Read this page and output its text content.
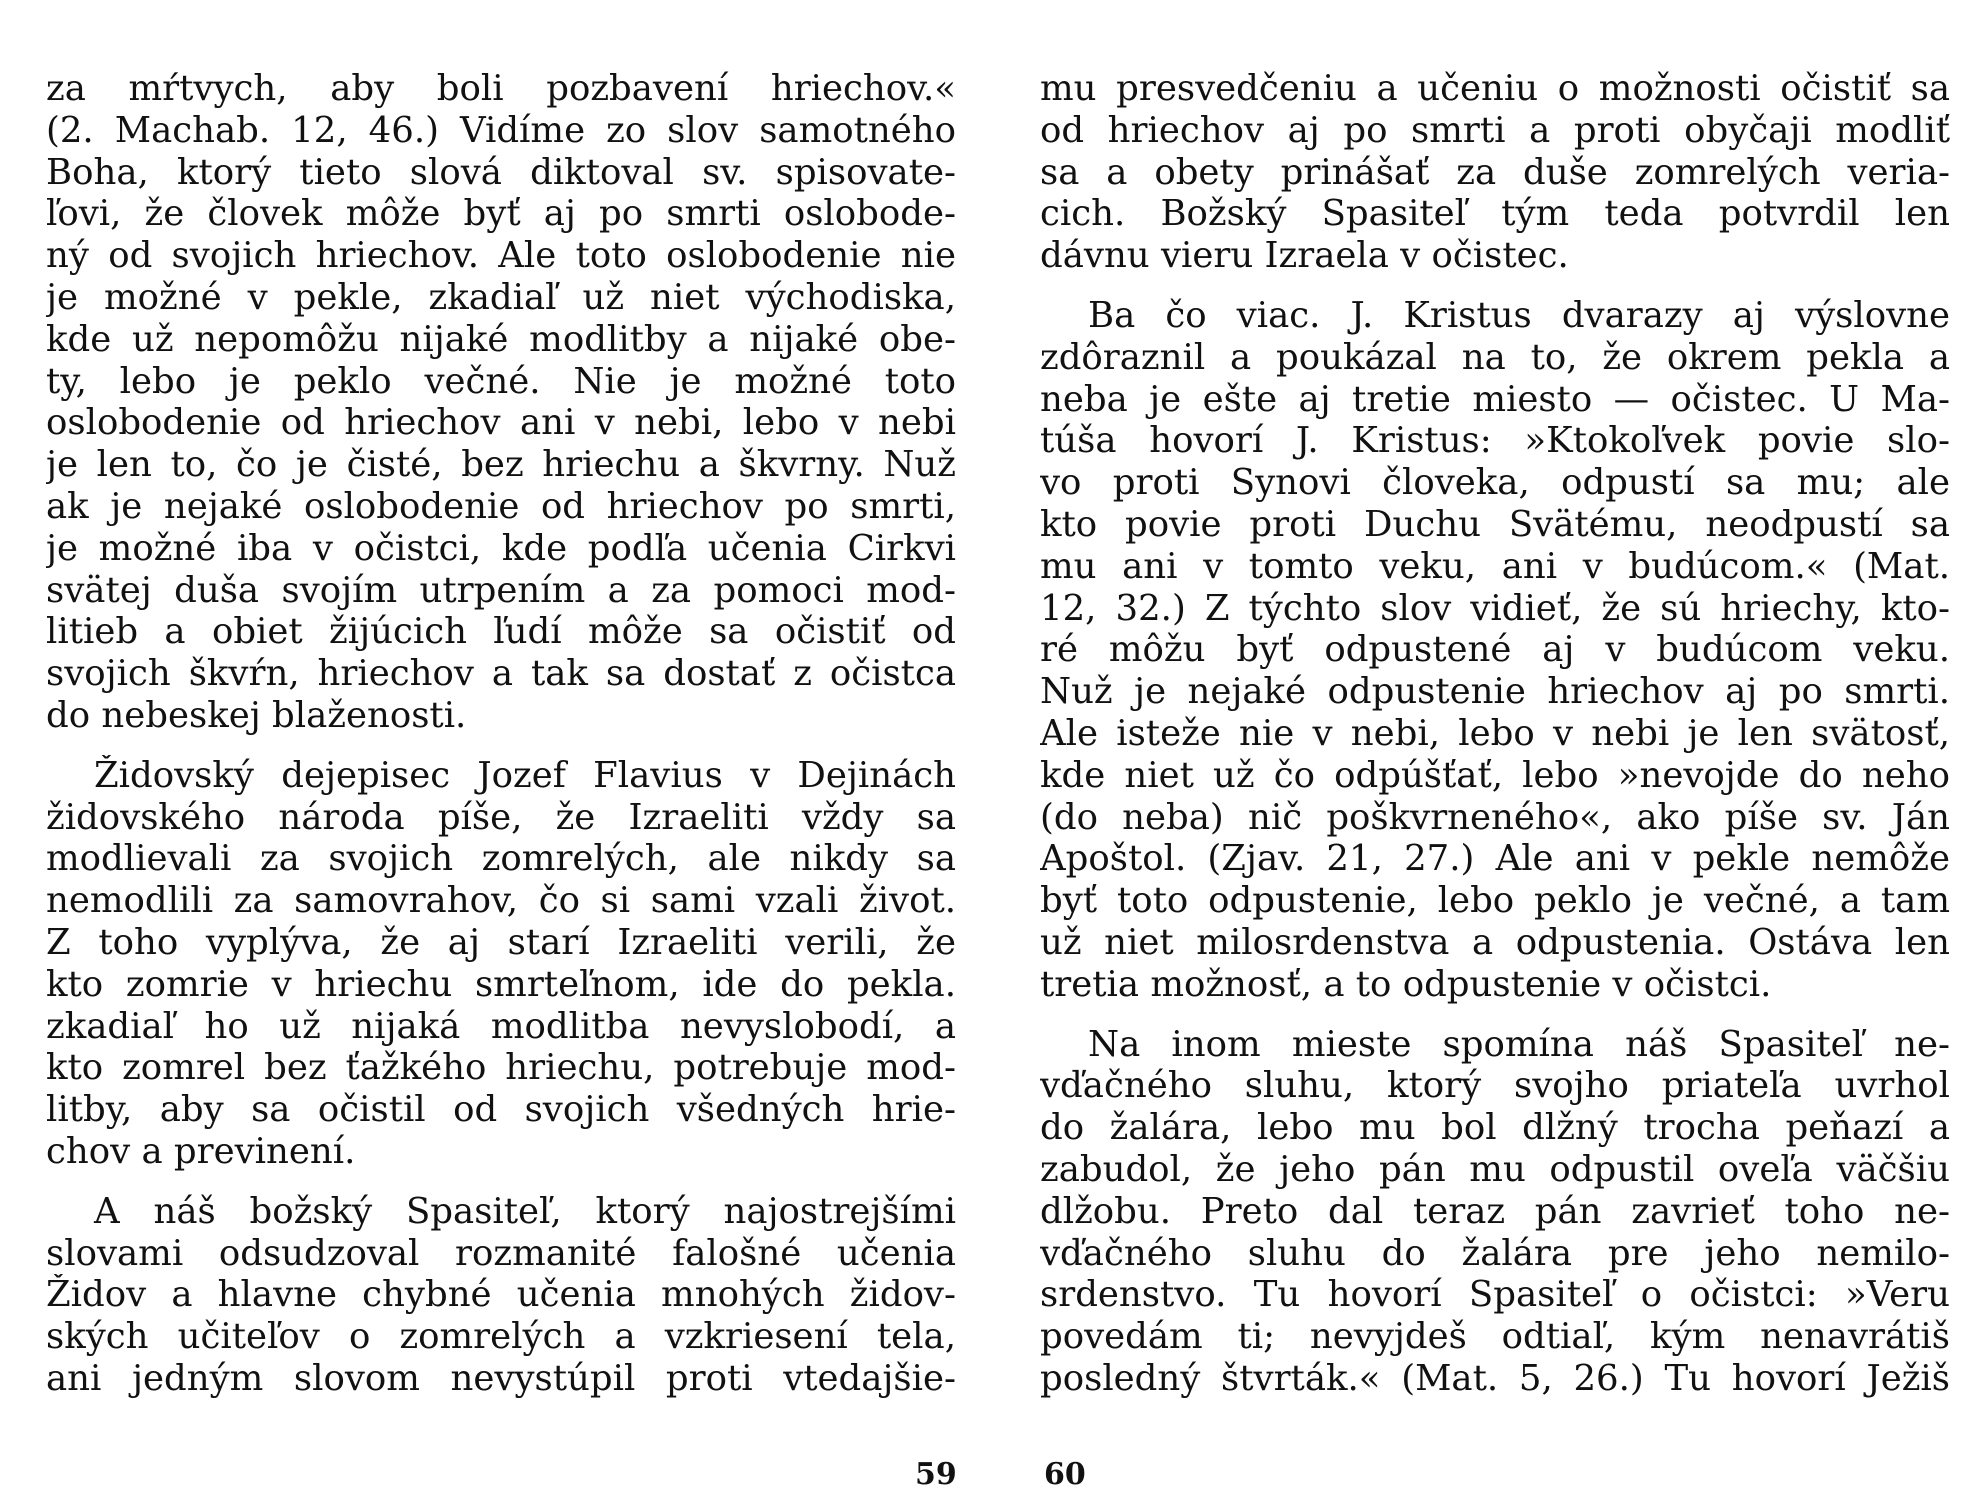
za mŕtvych, aby boli pozbavení hriechov.«
(2. Machab. 12, 46.) Vidíme zo slov samotného
Boha, ktorý tieto slová diktoval sv. spisovate-
ľovi, že človek môže byť aj po smrti oslobode-
ný od svojich hriechov. Ale toto oslobodenie nie
je možné v pekle, zkadiaľ už niet východiska,
kde už nepomôžu nijaké modlitby a nijaké obe-
ty, lebo je peklo večné. Nie je možné toto
oslobodenie od hriechov ani v nebi, lebo v nebi
je len to, čo je čisté, bez hriechu a škvrny. Nuž
ak je nejaké oslobodenie od hriechov po smrti,
je možné iba v očistci, kde podľa učenia Cirkvi
svätej duša svojím utrpením a za pomoci mod-
litieb a obiet žijúcich ľudí môže sa očistiť od
svojich škvŕn, hriechov a tak sa dostať z očistca
do nebeskej blaženosti.
Židovský dejepisec Jozef Flavius v Dejinách
židovského národa píše, že Izraeliti vždy sa
modlievali za svojich zomrelých, ale nikdy sa
nemodlili za samovrahov, čo si sami vzali život.
Z toho vyplýva, že aj starí Izraeliti verili, že
kto zomrie v hriechu smrteľnom, ide do pekla.
zkadiaľ ho už nijaká modlitba nevyslobodí, a
kto zomrel bez ťažkého hriechu, potrebuje mod-
litby, aby sa očistil od svojich všedných hrie-
chov a previnení.
A náš božský Spasiteľ, ktorý najostrejšími
slovami odsudzoval rozmanité falošné učenia
Židov a hlavne chybné učenia mnohých židov-
ských učiteľov o zomrelých a vzkriesení tela,
ani jedným slovom nevystúpil proti vtedajšie-
mu presvedčeniu a učeniu o možnosti očistiť sa
od hriechov aj po smrti a proti obyčaji modliť
sa a obety prinášať za duše zomrelých veria-
cich. Božský Spasiteľ tým teda potvrdil len
dávnu vieru Izraela v očistec.
Ba čo viac. J. Kristus dvarazy aj výslovne
zdôraznil a poukázal na to, že okrem pekla a
neba je ešte aj tretie miesto — očistec. U Ma-
túša hovorí J. Kristus: »Ktokoľvek povie slo-
vo proti Synovi človeka, odpustí sa mu; ale
kto povie proti Duchu Svätému, neodpustí sa
mu ani v tomto veku, ani v budúcom.« (Mat.
12, 32.) Z týchto slov vidieť, že sú hriechy, kto-
ré môžu byť odpustené aj v budúcom veku.
Nuž je nejaké odpustenie hriechov aj po smrti.
Ale isteže nie v nebi, lebo v nebi je len svätosť,
kde niet už čo odpúšťať, lebo »nevojde do neho
(do neba) nič poškvrneného«, ako píše sv. Ján
Apoštol. (Zjav. 21, 27.) Ale ani v pekle nemôže
byť toto odpustenie, lebo peklo je večné, a tam
už niet milosrdenstva a odpustenia. Ostáva len
tretia možnosť, a to odpustenie v očistci.
Na inom mieste spomína náš Spasiteľ ne-
vďačného sluhu, ktorý svojho priateľa uvrhol
do žalára, lebo mu bol dlžný trocha peňazí a
zabudol, že jeho pán mu odpustil oveľa väčšiu
dlžobu. Preto dal teraz pán zavrieť toho ne-
vďačného sluhu do žalára pre jeho nemilo-
srdenstvo. Tu hovorí Spasiteľ o očistci: »Veru
povedám ti; nevyjdeš odtiaľ, kým nenavrátiš
posledný štvrták.« (Mat. 5, 26.) Tu hovorí Ježiš
59	60
